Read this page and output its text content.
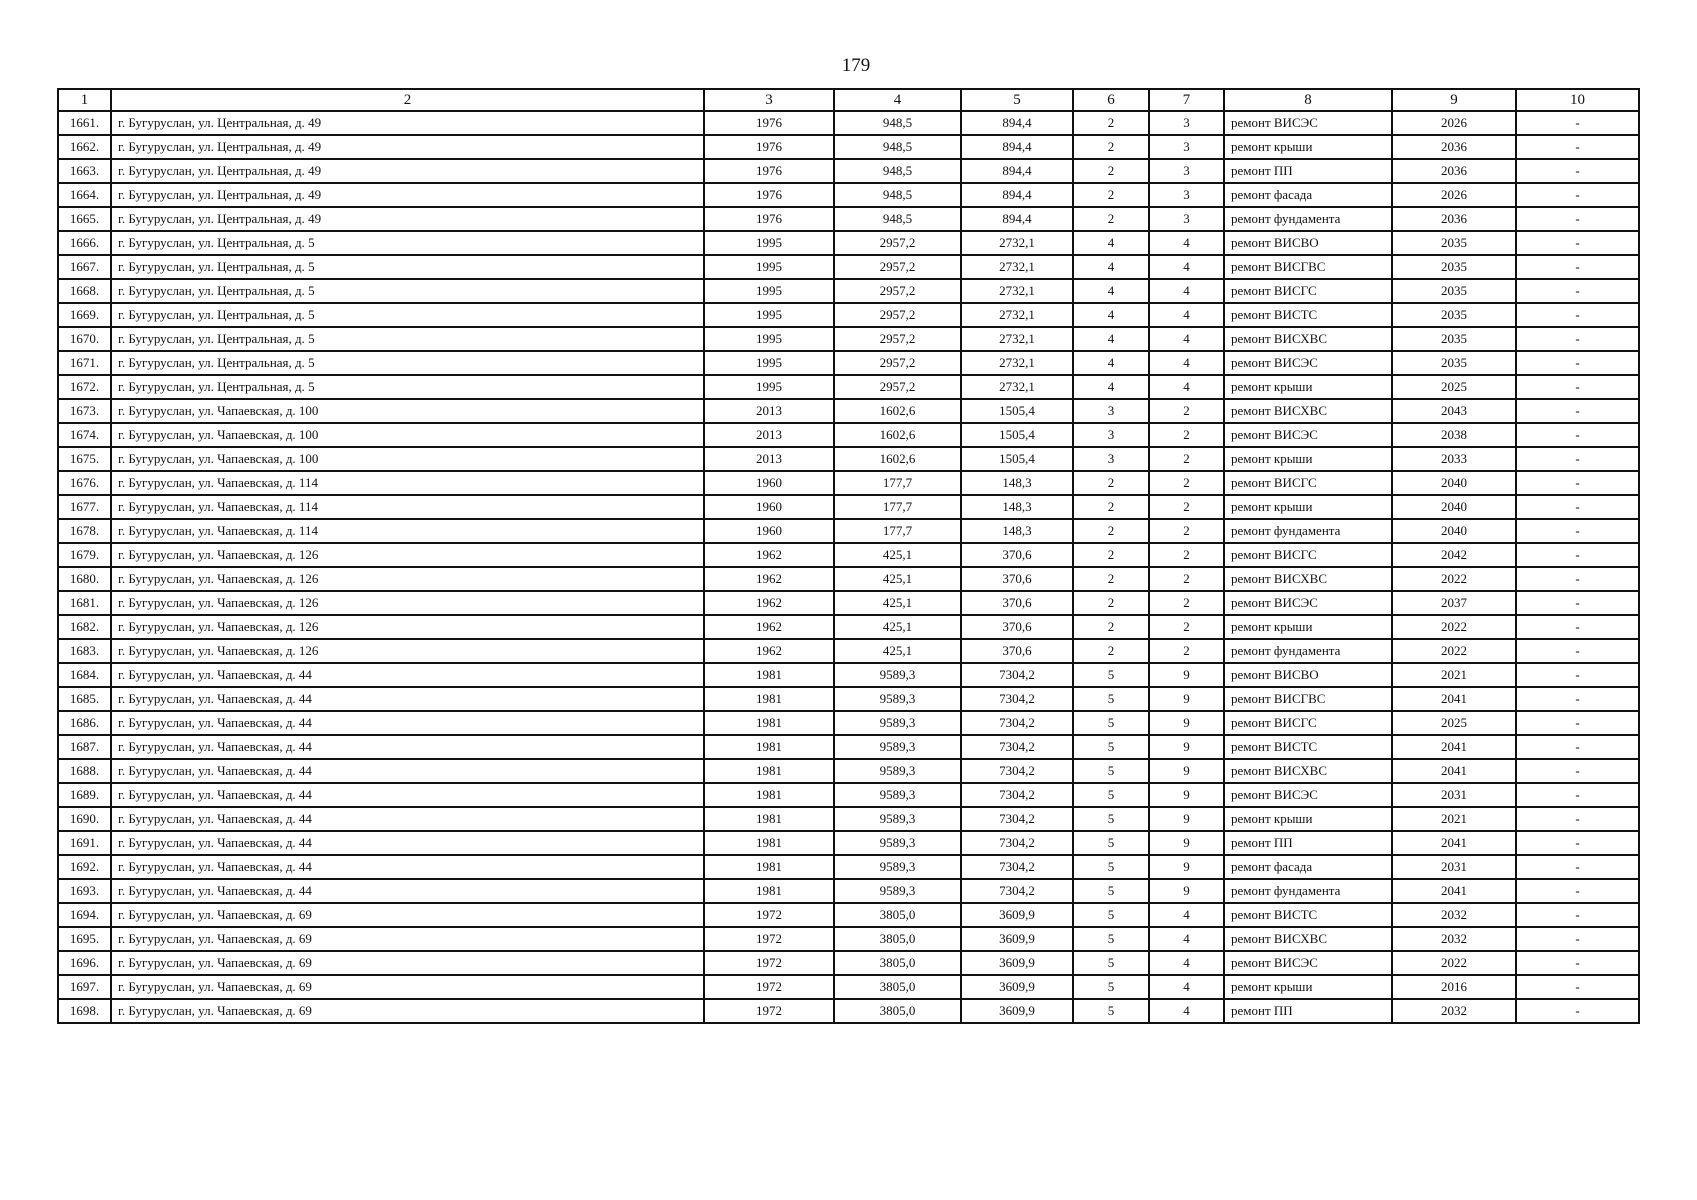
179
1	2	3	4	5	6	7	8	9	10
1661.	г. Бугуруслан, ул. Центральная, д. 49	1976	948,5	894,4	2	3	ремонт ВИСЭС	2026	-
1662.	г. Бугуруслан, ул. Центральная, д. 49	1976	948,5	894,4	2	3	ремонт крыши	2036	-
1663.	г. Бугуруслан, ул. Центральная, д. 49	1976	948,5	894,4	2	3	ремонт ПП	2036	-
1664.	г. Бугуруслан, ул. Центральная, д. 49	1976	948,5	894,4	2	3	ремонт фасада	2026	-
1665.	г. Бугуруслан, ул. Центральная, д. 49	1976	948,5	894,4	2	3	ремонт фундамента	2036	-
1666.	г. Бугуруслан, ул. Центральная, д. 5	1995	2957,2	2732,1	4	4	ремонт ВИСВО	2035	-
1667.	г. Бугуруслан, ул. Центральная, д. 5	1995	2957,2	2732,1	4	4	ремонт ВИСГВС	2035	-
1668.	г. Бугуруслан, ул. Центральная, д. 5	1995	2957,2	2732,1	4	4	ремонт ВИСГС	2035	-
1669.	г. Бугуруслан, ул. Центральная, д. 5	1995	2957,2	2732,1	4	4	ремонт ВИСТС	2035	-
1670.	г. Бугуруслан, ул. Центральная, д. 5	1995	2957,2	2732,1	4	4	ремонт ВИСХВС	2035	-
1671.	г. Бугуруслан, ул. Центральная, д. 5	1995	2957,2	2732,1	4	4	ремонт ВИСЭС	2035	-
1672.	г. Бугуруслан, ул. Центральная, д. 5	1995	2957,2	2732,1	4	4	ремонт крыши	2025	-
1673.	г. Бугуруслан, ул. Чапаевская, д. 100	2013	1602,6	1505,4	3	2	ремонт ВИСХВС	2043	-
1674.	г. Бугуруслан, ул. Чапаевская, д. 100	2013	1602,6	1505,4	3	2	ремонт ВИСЭС	2038	-
1675.	г. Бугуруслан, ул. Чапаевская, д. 100	2013	1602,6	1505,4	3	2	ремонт крыши	2033	-
1676.	г. Бугуруслан, ул. Чапаевская, д. 114	1960	177,7	148,3	2	2	ремонт ВИСГС	2040	-
1677.	г. Бугуруслан, ул. Чапаевская, д. 114	1960	177,7	148,3	2	2	ремонт крыши	2040	-
1678.	г. Бугуруслан, ул. Чапаевская, д. 114	1960	177,7	148,3	2	2	ремонт фундамента	2040	-
1679.	г. Бугуруслан, ул. Чапаевская, д. 126	1962	425,1	370,6	2	2	ремонт ВИСГС	2042	-
1680.	г. Бугуруслан, ул. Чапаевская, д. 126	1962	425,1	370,6	2	2	ремонт ВИСХВС	2022	-
1681.	г. Бугуруслан, ул. Чапаевская, д. 126	1962	425,1	370,6	2	2	ремонт ВИСЭС	2037	-
1682.	г. Бугуруслан, ул. Чапаевская, д. 126	1962	425,1	370,6	2	2	ремонт крыши	2022	-
1683.	г. Бугуруслан, ул. Чапаевская, д. 126	1962	425,1	370,6	2	2	ремонт фундамента	2022	-
1684.	г. Бугуруслан, ул. Чапаевская, д. 44	1981	9589,3	7304,2	5	9	ремонт ВИСВО	2021	-
1685.	г. Бугуруслан, ул. Чапаевская, д. 44	1981	9589,3	7304,2	5	9	ремонт ВИСГВС	2041	-
1686.	г. Бугуруслан, ул. Чапаевская, д. 44	1981	9589,3	7304,2	5	9	ремонт ВИСГС	2025	-
1687.	г. Бугуруслан, ул. Чапаевская, д. 44	1981	9589,3	7304,2	5	9	ремонт ВИСТС	2041	-
1688.	г. Бугуруслан, ул. Чапаевская, д. 44	1981	9589,3	7304,2	5	9	ремонт ВИСХВС	2041	-
1689.	г. Бугуруслан, ул. Чапаевская, д. 44	1981	9589,3	7304,2	5	9	ремонт ВИСЭС	2031	-
1690.	г. Бугуруслан, ул. Чапаевская, д. 44	1981	9589,3	7304,2	5	9	ремонт крыши	2021	-
1691.	г. Бугуруслан, ул. Чапаевская, д. 44	1981	9589,3	7304,2	5	9	ремонт ПП	2041	-
1692.	г. Бугуруслан, ул. Чапаевская, д. 44	1981	9589,3	7304,2	5	9	ремонт фасада	2031	-
1693.	г. Бугуруслан, ул. Чапаевская, д. 44	1981	9589,3	7304,2	5	9	ремонт фундамента	2041	-
1694.	г. Бугуруслан, ул. Чапаевская, д. 69	1972	3805,0	3609,9	5	4	ремонт ВИСТС	2032	-
1695.	г. Бугуруслан, ул. Чапаевская, д. 69	1972	3805,0	3609,9	5	4	ремонт ВИСХВС	2032	-
1696.	г. Бугуруслан, ул. Чапаевская, д. 69	1972	3805,0	3609,9	5	4	ремонт ВИСЭС	2022	-
1697.	г. Бугуруслан, ул. Чапаевская, д. 69	1972	3805,0	3609,9	5	4	ремонт крыши	2016	-
1698.	г. Бугуруслан, ул. Чапаевская, д. 69	1972	3805,0	3609,9	5	4	ремонт ПП	2032	-
